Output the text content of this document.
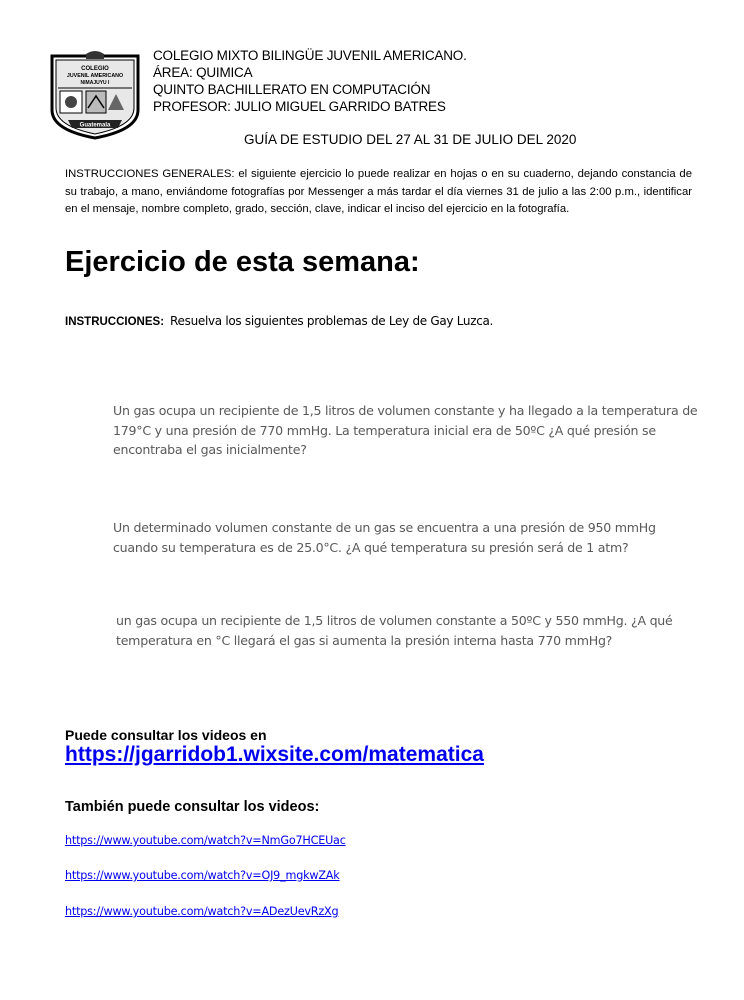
COLEGIO
JUVENIL AMERICANO
NIMAJUYU I
Guatemala
COLEGIO MIXTO BILINGÜE JUVENIL AMERICANO.
ÁREA: QUIMICA
QUINTO BACHILLERATO EN COMPUTACIÓN
PROFESOR: JULIO MIGUEL GARRIDO BATRES
GUÍA DE ESTUDIO DEL 27 AL 31 DE JULIO DEL 2020
INSTRUCCIONES GENERALES: el siguiente ejercicio lo puede realizar en hojas o en su cuaderno, dejando constancia de su trabajo, a mano, enviándome fotografías por Messenger a más tardar el día viernes 31 de julio a las 2:00 p.m., identificar en el mensaje, nombre completo, grado, sección, clave, indicar el inciso del ejercicio en la fotografía.
Ejercicio de esta semana:
INSTRUCCIONES: Resuelva los siguientes problemas de Ley de Gay Luzca.
Un gas ocupa un recipiente de 1,5 litros de volumen constante y ha llegado a la temperatura de 179°C y una presión de 770 mmHg. La temperatura inicial era de 50ºC ¿A qué presión se encontraba el gas inicialmente?
Un determinado volumen constante de un gas se encuentra a una presión de 950 mmHg cuando su temperatura es de 25.0°C. ¿A qué temperatura su presión será de 1 atm?
un gas ocupa un recipiente de 1,5 litros de volumen constante a 50ºC y 550 mmHg. ¿A qué temperatura en °C llegará el gas si aumenta la presión interna hasta 770 mmHg?
Puede consultar los videos en
https://jgarridob1.wixsite.com/matematica
También puede consultar los videos:
https://www.youtube.com/watch?v=NmGo7HCEUac
https://www.youtube.com/watch?v=OJ9_mgkwZAk
https://www.youtube.com/watch?v=ADezUevRzXg
